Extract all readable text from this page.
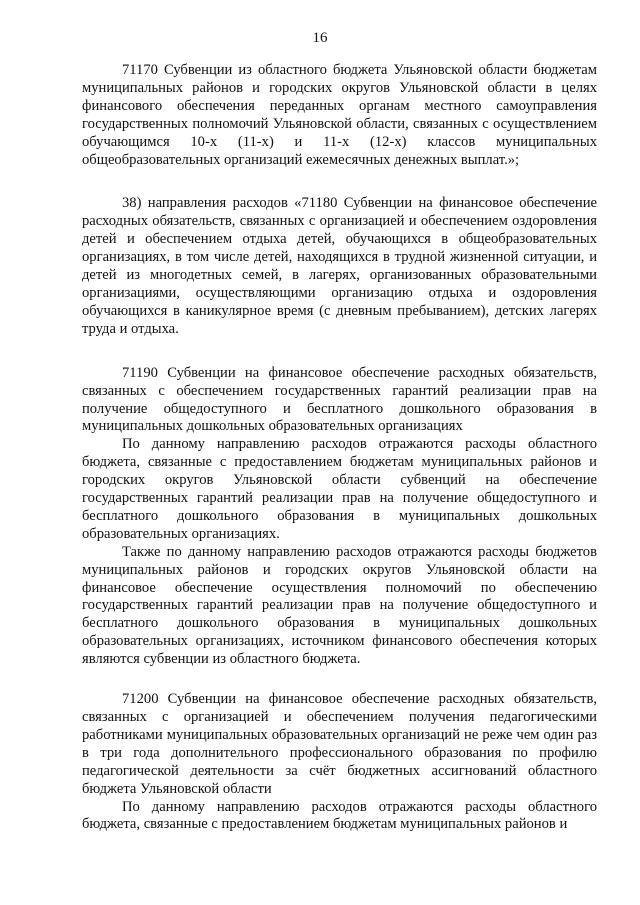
16

71170 Субвенции из областного бюджета Ульяновской области бюджетам муниципальных районов и городских округов Ульяновской области в целях финансового обеспечения переданных органам местного самоуправления государственных полномочий Ульяновской области, связанных с осуществлением обучающимся 10-х (11-х) и 11-х (12-х) классов муниципальных общеобразовательных организаций ежемесячных денежных выплат.»;

38) направления расходов «71180 Субвенции на финансовое обеспечение расходных обязательств, связанных с организацией и обеспечением оздоровления детей и обеспечением отдыха детей, обучающихся в общеобразовательных организациях, в том числе детей, находящихся в трудной жизненной ситуации, и детей из многодетных семей, в лагерях, организованных образовательными организациями, осуществляющими организацию отдыха и оздоровления обучающихся в каникулярное время (с дневным пребыванием), детских лагерях труда и отдыха.

71190 Субвенции на финансовое обеспечение расходных обязательств, связанных с обеспечением государственных гарантий реализации прав на получение общедоступного и бесплатного дошкольного образования в муниципальных дошкольных образовательных организациях

По данному направлению расходов отражаются расходы областного бюджета, связанные с предоставлением бюджетам муниципальных районов и городских округов Ульяновской области субвенций на обеспечение государственных гарантий реализации прав на получение общедоступного и бесплатного дошкольного образования в муниципальных дошкольных образовательных организациях.

Также по данному направлению расходов отражаются расходы бюджетов муниципальных районов и городских округов Ульяновской области на финансовое обеспечение осуществления полномочий по обеспечению государственных гарантий реализации прав на получение общедоступного и бесплатного дошкольного образования в муниципальных дошкольных образовательных организациях, источником финансового обеспечения которых являются субвенции из областного бюджета.

71200 Субвенции на финансовое обеспечение расходных обязательств, связанных с организацией и обеспечением получения педагогическими работниками муниципальных образовательных организаций не реже чем один раз в три года дополнительного профессионального образования по профилю педагогической деятельности за счёт бюджетных ассигнований областного бюджета Ульяновской области

По данному направлению расходов отражаются расходы областного бюджета, связанные с предоставлением бюджетам муниципальных районов и
